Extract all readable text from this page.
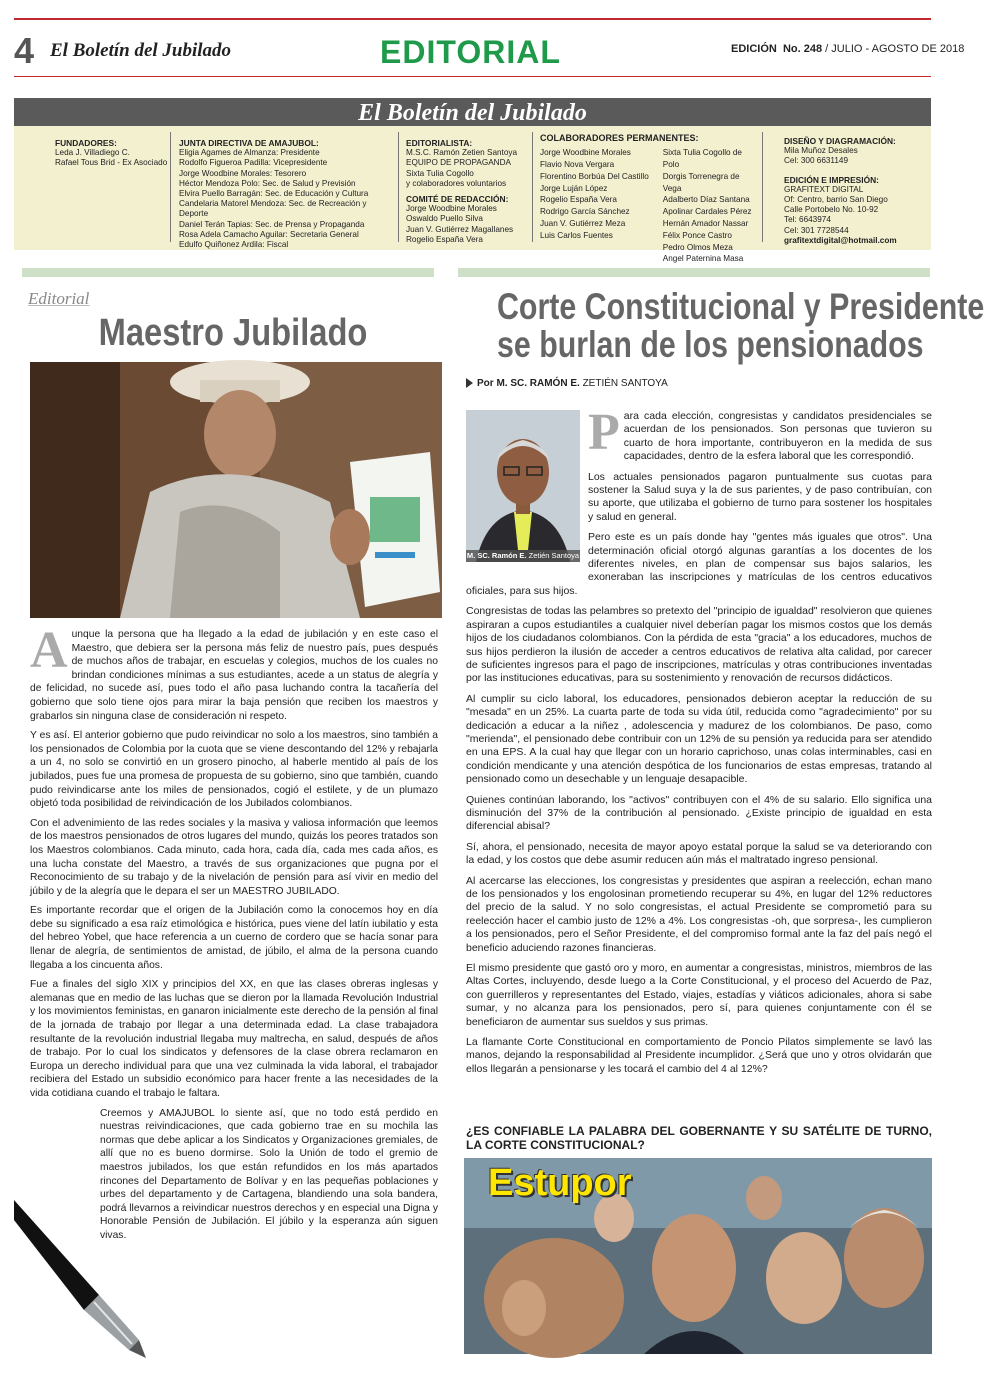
4 El Boletín del Jubilado	EDITORIAL	EDICIÓN No. 248 / JULIO - AGOSTO DE 2018
El Boletín del Jubilado
FUNDADORES:
Leda J. Villadiego C.
Rafael Tous Brid - Ex Asociado
JUNTA DIRECTIVA DE AMAJUBOL:
Eligia Agames de Almanza: Presidente
Rodolfo Figueroa Padilla: Vicepresidente
Jorge Woodbine Morales: Tesorero
Héctor Mendoza Polo: Sec. de Salud y Previsión
Elvira Puello Barragán: Sec. de Educación y Cultura
Candelaria Matorel Mendoza: Sec. de Recreación y Deporte
Daniel Terán Tapias: Sec. de Prensa y Propaganda
Rosa Adela Camacho Aguilar: Secretaria General
Edulfo Quiñonez Ardila: Fiscal
EDITORIALISTA:
M.S.C. Ramón Zetien Santoya
EQUIPO DE PROPAGANDA
Sixta Tulia Cogollo
y colaboradores voluntarios
COMITÉ DE REDACCIÓN:
Jorge Woodbine Morales
Oswaldo Puello Silva
Juan V. Gutiérrez Magallanes
Rogelio España Vera
COLABORADORES PERMANENTES:
Jorge Woodbine Morales
Flavio Nova Vergara
Florentino Borbúa Del Castillo
Jorge Luján López
Rogelio España Vera
Rodrigo García Sánchez
Juan V. Gutiérrez Meza
Luis Carlos Fuentes
Sixta Tulia Cogollo de Polo
Dorgis Torrenegra de Vega
Adalberto Díaz Santana
Apolinar Cardales Pérez
Hernán Amador Nassar
Félix Ponce Castro
Pedro Olmos Meza
Angel Paternina Masa
DISEÑO Y DIAGRAMACIÓN:
Mila Muñoz Desales
Cel: 300 6631149
EDICIÓN E IMPRESIÓN:
GRAFITEXT DIGITAL
Of: Centro, barrio San Diego
Calle Portobelo No. 10-92
Tel: 6643974
Cel: 301 7728544
grafitextdigital@hotmail.com
Editorial
Maestro Jubilado

Aunque la persona que ha llegado a la edad de jubilación y en este caso el Maestro, que debiera ser la persona más feliz de nuestro país, pues después de muchos años de trabajar, en escuelas y colegios, muchos de los cuales no brindan condiciones mínimas a sus estudiantes, acede a un status de alegría y de felicidad, no sucede así, pues todo el año pasa luchando contra la tacañería del gobierno que solo tiene ojos para mirar la baja pensión que reciben los maestros y grabarlos sin ninguna clase de consideración ni respeto.

Y es así. El anterior gobierno que pudo reivindicar no solo a los maestros, sino también a los pensionados de Colombia por la cuota que se viene descontando del 12% y rebajarla a un 4, no solo se convirtió en un grosero pinocho, al haberle mentido al país de los jubilados, pues fue una promesa de propuesta de su gobierno, sino que también, cuando pudo reivindicarse ante los miles de pensionados, cogió el estilete, y de un plumazo objetó toda posibilidad de reivindicación de los Jubilados colombianos.

Con el advenimiento de las redes sociales y la masiva y valiosa información que leemos de los maestros pensionados de otros lugares del mundo, quizás los peores tratados son los Maestros colombianos. Cada minuto, cada hora, cada día, cada mes cada años, es una lucha constate del Maestro, a través de sus organizaciones que pugna por el Reconocimiento de su trabajo y de la nivelación de pensión para así vivir en medio del júbilo y de la alegría que le depara el ser un MAESTRO JUBILADO.

Es importante recordar que el origen de la Jubilación como la conocemos hoy en día debe su significado a esa raíz etimológica e histórica, pues viene del latín iubilatio y esta del hebreo Yobel, que hace referencia a un cuerno de cordero que se hacía sonar para llenar de alegría, de sentimientos de amistad, de júbilo, el alma de la persona cuando llegaba a los cincuenta años.

Fue a finales del siglo XIX y principios del XX, en que las clases obreras inglesas y alemanas que en medio de las luchas que se dieron por la llamada Revolución Industrial y los movimientos feministas, en ganaron inicialmente este derecho de la pensión al final de la jornada de trabajo por llegar a una determinada edad. La clase trabajadora resultante de la revolución industrial llegaba muy maltrecha, en salud, después de años de trabajo. Por lo cual los sindicatos y defensores de la clase obrera reclamaron en Europa un derecho individual para que una vez culminada la vida laboral, el trabajador recibiera del Estado un subsidio económico para hacer frente a las necesidades de la vida cotidiana cuando el trabajo le faltara.

Creemos y AMAJUBOL lo siente así, que no todo está perdido en nuestras reivindicaciones, que cada gobierno trae en su mochila las normas que debe aplicar a los Sindicatos y Organizaciones gremiales, de allí que no es bueno dormirse. Solo la Unión de todo el gremio de maestros jubilados, los que están refundidos en los más apartados rincones del Departamento de Bolívar y en las pequeñas poblaciones y urbes del departamento y de Cartagena, blandiendo una sola bandera, podrá llevarnos a reivindicar nuestros derechos y en especial una Digna y Honorable Pensión de Jubilación. El júbilo y la esperanza aún siguen vivas.

Corte Constitucional y Presidente
se burlan de los pensionados
Por M. SC. RAMÓN E. ZETIÉN SANTOYA
M. SC. Ramón E. Zetién Santoya

Para cada elección, congresistas y candidatos presidenciales se acuerdan de los pensionados. Son personas que tuvieron su cuarto de hora importante, contribuyeron en la medida de sus capacidades, dentro de la esfera laboral que les correspondió.

Los actuales pensionados pagaron puntualmente sus cuotas para sostener la Salud suya y la de sus parientes, y de paso contribuían, con su aporte, que utilizaba el gobierno de turno para sostener los hospitales y salud en general.

Pero este es un país donde hay "gentes más iguales que otros". Una determinación oficial otorgó algunas garantías a los docentes de los diferentes niveles, en plan de compensar sus bajos salarios, les exoneraban las inscripciones y matrículas de los centros educativos oficiales, para sus hijos.

Congresistas de todas las pelambres so pretexto del "principio de igualdad" resolvieron que quienes aspiraran a cupos estudiantiles a cualquier nivel deberían pagar los mismos costos que los demás hijos de los ciudadanos colombianos. Con la pérdida de esta "gracia" a los educadores, muchos de sus hijos perdieron la ilusión de acceder a centros educativos de relativa alta calidad, por carecer de suficientes ingresos para el pago de inscripciones, matrículas y otras contribuciones inventadas por las instituciones educativas, para su sostenimiento y renovación de recursos didácticos.

Al cumplir su ciclo laboral, los educadores, pensionados debieron aceptar la reducción de su "mesada" en un 25%. La cuarta parte de toda su vida útil, reducida como "agradecimiento" por su dedicación a educar a la niñez , adolescencia y madurez de los colombianos. De paso, como "merienda", el pensionado debe contribuir con un 12% de su pensión ya reducida para ser atendido en una EPS. A la cual hay que llegar con un horario caprichoso, unas colas interminables, casi en condición mendicante y una atención despótica de los funcionarios de estas empresas, tratando al pensionado como un desechable y un lenguaje desapacible.

Quienes continúan laborando, los "activos" contribuyen con el 4% de su salario. Ello significa una disminución del 37% de la contribución al pensionado. ¿Existe principio de igualdad en esta diferencial abisal?

Sí, ahora, el pensionado, necesita de mayor apoyo estatal porque la salud se va deteriorando con la edad, y los costos que debe asumir reducen aún más el maltratado ingreso pensional.

Al acercarse las elecciones, los congresistas y presidentes que aspiran a reelección, echan mano de los pensionados y los engolosinan prometiendo recuperar su 4%, en lugar del 12% reductores del precio de la salud. Y no solo congresistas, el actual Presidente se comprometió para su reelección hacer el cambio justo de 12% a 4%. Los congresistas -oh, que sorpresa-, les cumplieron a los pensionados, pero el Señor Presidente, el del compromiso formal ante la faz del país negó el beneficio aduciendo razones financieras.

El mismo presidente que gastó oro y moro, en aumentar a congresistas, ministros, miembros de las Altas Cortes, incluyendo, desde luego a la Corte Constitucional, y el proceso del Acuerdo de Paz, con guerrilleros y representantes del Estado, viajes, estadías y viáticos adicionales, ahora si sabe sumar, y no alcanza para los pensionados, pero sí, para quienes conjuntamente con él se beneficiaron de aumentar sus sueldos y sus primas.

La flamante Corte Constitucional en comportamiento de Poncio Pilatos simplemente se lavó las manos, dejando la responsabilidad al Presidente incumplidor. ¿Será que uno y otros olvidarán que ellos llegarán a pensionarse y les tocará el cambio del 4 al 12%?

¿ES CONFIABLE LA PALABRA DEL GOBERNANTE Y SU SATÉLITE DE TURNO, LA CORTE CONSTITUCIONAL?
Estupor
